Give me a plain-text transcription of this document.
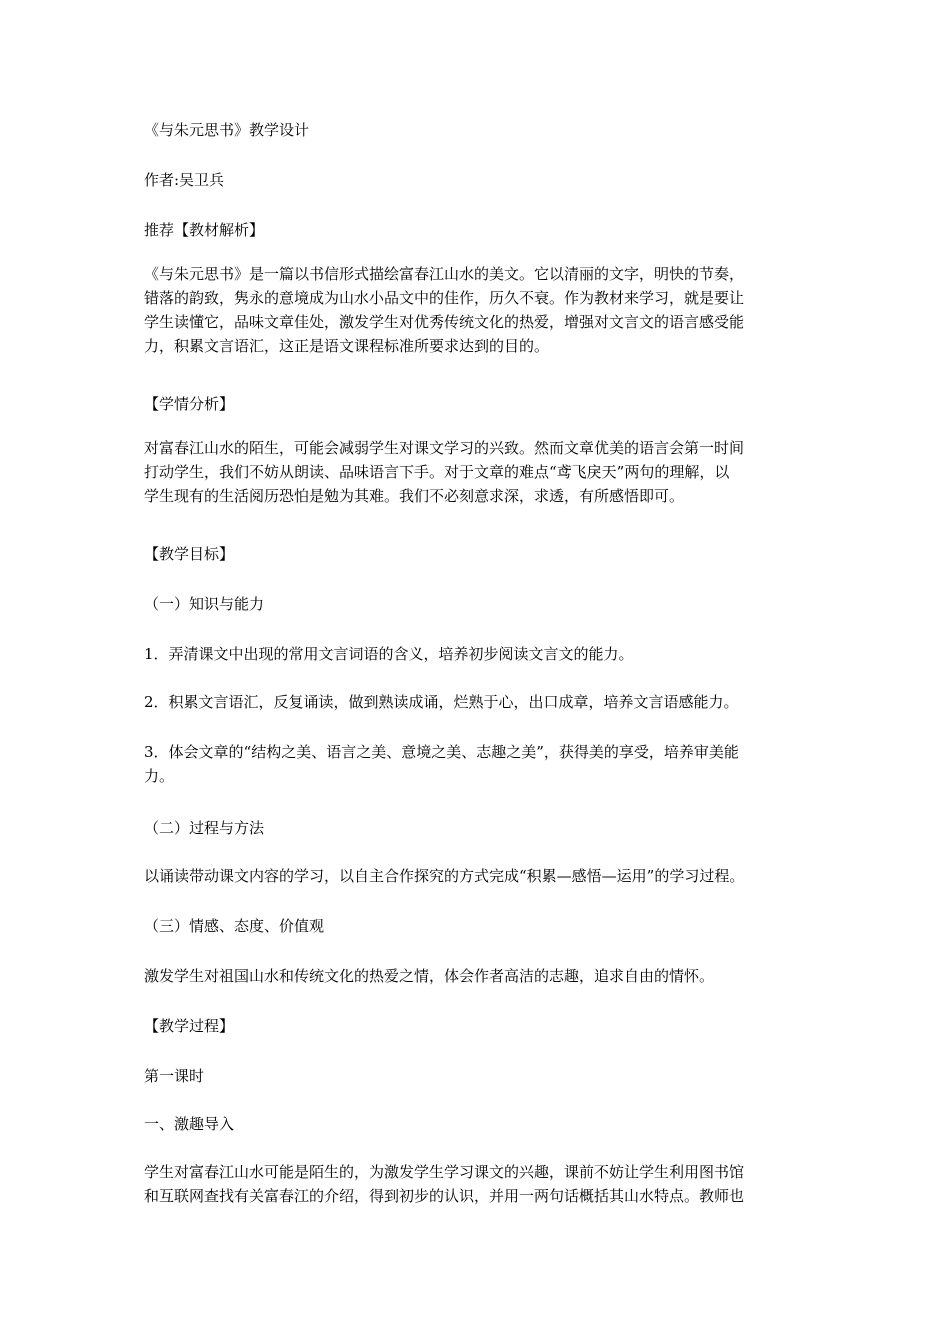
《与朱元思书》教学设计
作者:吴卫兵
推荐【教材解析】
《与朱元思书》是一篇以书信形式描绘富春江山水的美文。它以清丽的文字，明快的节奏，
错落的韵致，隽永的意境成为山水小品文中的佳作，历久不衰。作为教材来学习，就是要让
学生读懂它，品味文章佳处，激发学生对优秀传统文化的热爱，增强对文言文的语言感受能
力，积累文言语汇，这正是语文课程标准所要求达到的目的。
【学情分析】
对富春江山水的陌生，可能会减弱学生对课文学习的兴致。然而文章优美的语言会第一时间
打动学生，我们不妨从朗读、品味语言下手。对于文章的难点“鸢飞戾天”两句的理解，以
学生现有的生活阅历恐怕是勉为其难。我们不必刻意求深，求透，有所感悟即可。
【教学目标】
（一）知识与能力
1．弄清课文中出现的常用文言词语的含义，培养初步阅读文言文的能力。
2．积累文言语汇，反复诵读，做到熟读成诵，烂熟于心，出口成章，培养文言语感能力。
3．体会文章的“结构之美、语言之美、意境之美、志趣之美”，获得美的享受，培养审美能
力。
（二）过程与方法
以诵读带动课文内容的学习，以自主合作探究的方式完成“积累—感悟—运用”的学习过程。
（三）情感、态度、价值观
激发学生对祖国山水和传统文化的热爱之情，体会作者高洁的志趣，追求自由的情怀。
【教学过程】
第一课时
一、激趣导入
学生对富春江山水可能是陌生的，为激发学生学习课文的兴趣，课前不妨让学生利用图书馆
和互联网查找有关富春江的介绍，得到初步的认识，并用一两句话概括其山水特点。教师也
